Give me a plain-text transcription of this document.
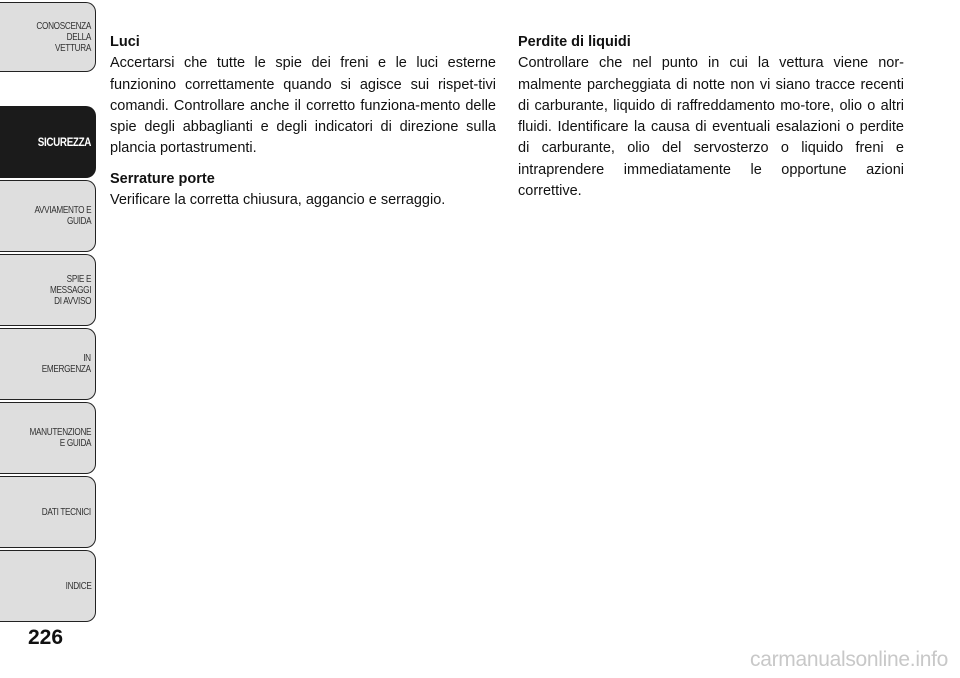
CONOSCENZA DELLA
VETTURA
SICUREZZA
AVVIAMENTO E
GUIDA
SPIE E
MESSAGGI
DI AVVISO
IN
EMERGENZA
MANUTENZIONE
E GUIDA
DATI TECNICI
INDICE
226
Luci

Accertarsi che tutte le spie dei freni e le luci esterne funzionino correttamente quando si agisce sui rispet-tivi comandi. Controllare anche il corretto funziona-mento delle spie degli abbaglianti e degli indicatori di direzione sulla plancia portastrumenti.

Serrature porte

Verificare la corretta chiusura, aggancio e serraggio.

Perdite di liquidi

Controllare che nel punto in cui la vettura viene nor-malmente parcheggiata di notte non vi siano tracce recenti di carburante, liquido di raffreddamento mo-tore, olio o altri fluidi. Identificare la causa di eventuali esalazioni o perdite di carburante, olio del servosterzo o liquido freni e intraprendere immediatamente le opportune azioni correttive.

carmanualsonline.info
